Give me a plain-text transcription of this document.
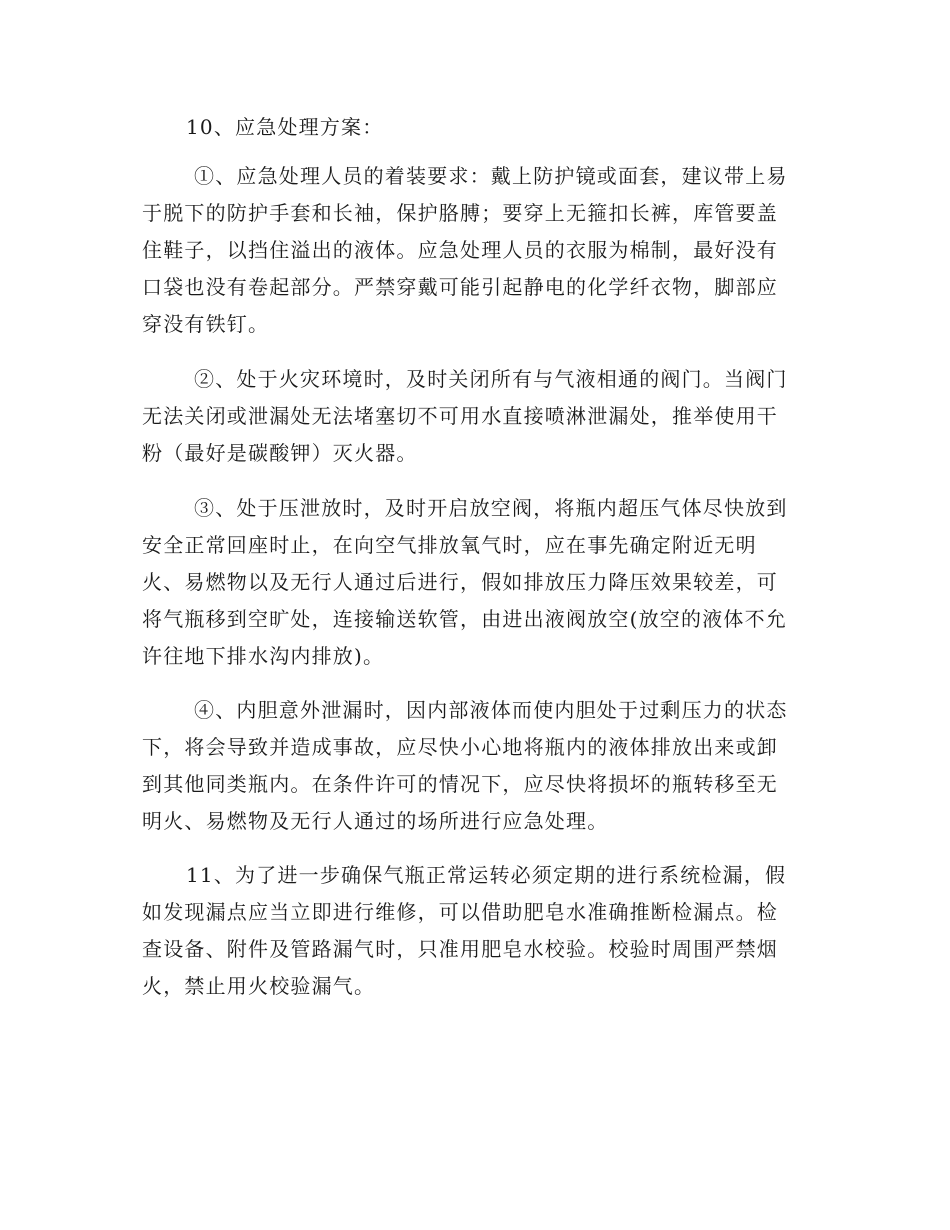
10、应急处理方案：
①、应急处理人员的着装要求：戴上防护镜或面套，建议带上易
于脱下的防护手套和长袖，保护胳膊；要穿上无箍扣长裤，库管要盖
住鞋子，以挡住溢出的液体。应急处理人员的衣服为棉制，最好没有
口袋也没有卷起部分。严禁穿戴可能引起静电的化学纤衣物，脚部应
穿没有铁钉。
②、处于火灾环境时，及时关闭所有与气液相通的阀门。当阀门
无法关闭或泄漏处无法堵塞切不可用水直接喷淋泄漏处，推举使用干
粉（最好是碳酸钾）灭火器。
③、处于压泄放时，及时开启放空阀，将瓶内超压气体尽快放到
安全正常回座时止，在向空气排放氧气时，应在事先确定附近无明
火、易燃物以及无行人通过后进行，假如排放压力降压效果较差，可
将气瓶移到空旷处，连接输送软管，由进出液阀放空(放空的液体不允
许往地下排水沟内排放)。
④、内胆意外泄漏时，因内部液体而使内胆处于过剩压力的状态
下，将会导致并造成事故，应尽快小心地将瓶内的液体排放出来或卸
到其他同类瓶内。在条件许可的情况下，应尽快将损坏的瓶转移至无
明火、易燃物及无行人通过的场所进行应急处理。
11、为了进一步确保气瓶正常运转必须定期的进行系统检漏，假
如发现漏点应当立即进行维修，可以借助肥皂水准确推断检漏点。检
查设备、附件及管路漏气时，只准用肥皂水校验。校验时周围严禁烟
火，禁止用火校验漏气。
